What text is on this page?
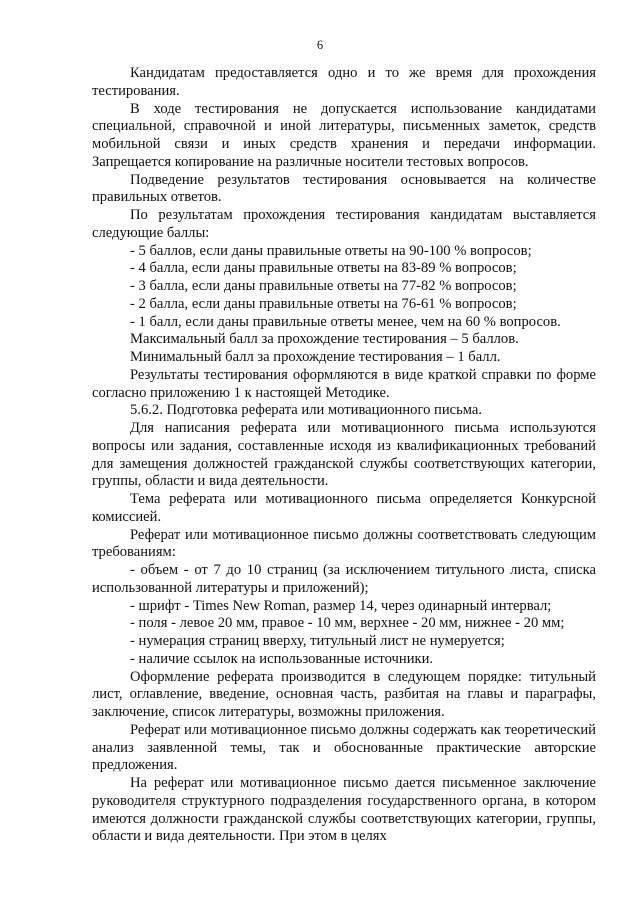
6

Кандидатам предоставляется одно и то же время для прохождения тестирования.

В ходе тестирования не допускается использование кандидатами специальной, справочной и иной литературы, письменных заметок, средств мобильной связи и иных средств хранения и передачи информации. Запрещается копирование на различные носители тестовых вопросов.

Подведение результатов тестирования основывается на количестве правильных ответов.

По результатам прохождения тестирования кандидатам выставляется следующие баллы:

- 5 баллов, если даны правильные ответы на 90-100 % вопросов;

- 4 балла, если даны правильные ответы на 83-89 % вопросов;

- 3 балла, если даны правильные ответы на 77-82 % вопросов;

- 2 балла, если даны правильные ответы на 76-61 % вопросов;

- 1 балл, если даны правильные ответы менее, чем на 60 % вопросов.

Максимальный балл за прохождение тестирования – 5 баллов.

Минимальный балл за прохождение тестирования – 1 балл.

Результаты тестирования оформляются в виде краткой справки по форме согласно приложению 1 к настоящей Методике.

5.6.2. Подготовка реферата или мотивационного письма.

Для написания реферата или мотивационного письма используются вопросы или задания, составленные исходя из квалификационных требований для замещения должностей гражданской службы соответствующих категории, группы, области и вида деятельности.

Тема реферата или мотивационного письма определяется Конкурсной комиссией.

Реферат или мотивационное письмо должны соответствовать следующим требованиям:

- объем - от 7 до 10 страниц (за исключением титульного листа, списка использованной литературы и приложений);

- шрифт - Times New Roman, размер 14, через одинарный интервал;

- поля - левое 20 мм, правое - 10 мм, верхнее - 20 мм, нижнее - 20 мм;

- нумерация страниц вверху, титульный лист не нумеруется;

- наличие ссылок на использованные источники.

Оформление реферата производится в следующем порядке: титульный лист, оглавление, введение, основная часть, разбитая на главы и параграфы, заключение, список литературы, возможны приложения.

Реферат или мотивационное письмо должны содержать как теоретический анализ заявленной темы, так и обоснованные практические авторские предложения.

На реферат или мотивационное письмо дается письменное заключение руководителя структурного подразделения государственного органа, в котором имеются должности гражданской службы соответствующих категории, группы, области и вида деятельности. При этом в целях
